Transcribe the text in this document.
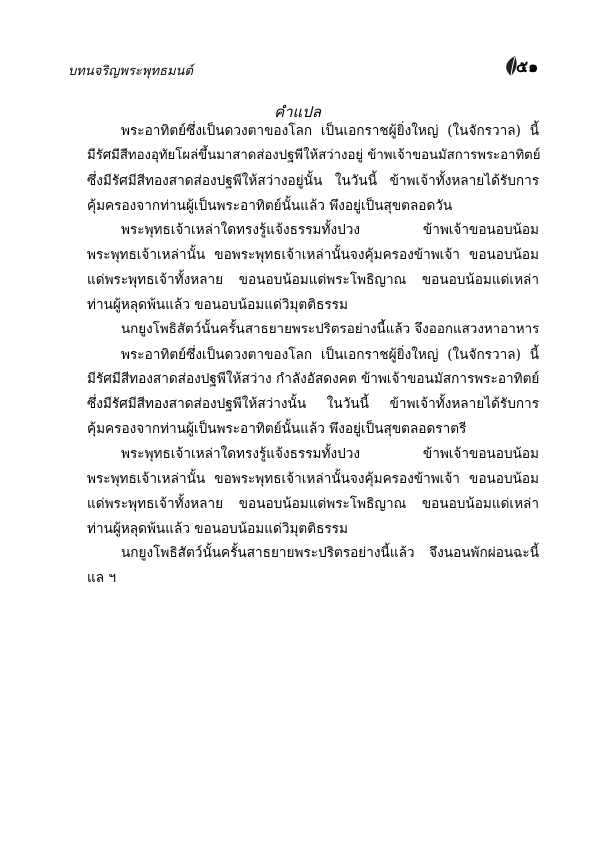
บทนจริญพระพุทธมนต์	๕๑
คำแปล
พระอาทิตย์ซึ่งเป็นดวงตาของโลก เป็นเอกราชผู้ยิ่งใหญ่ (ในจักรวาล) นี้
มีรัศมีสีทองอุทัยโผล่ขึ้นมาสาดส่องปฐพีให้สว่างอยู่ ข้าพเจ้าขอนมัสการพระอาทิตย์
ซึ่งมีรัศมีสีทองสาดส่องปฐพีให้สว่างอยู่นั้น ในวันนี้ ข้าพเจ้าทั้งหลายได้รับการ
คุ้มครองจากท่านผู้เป็นพระอาทิตย์นั้นแล้ว พึงอยู่เป็นสุขตลอดวัน
พระพุทธเจ้าเหล่าใดทรงรู้แจ้งธรรมทั้งปวง ข้าพเจ้าขอนอบน้อม
พระพุทธเจ้าเหล่านั้น ขอพระพุทธเจ้าเหล่านั้นจงคุ้มครองข้าพเจ้า ขอนอบน้อม
แด่พระพุทธเจ้าทั้งหลาย ขอนอบน้อมแด่พระโพธิญาณ ขอนอบน้อมแด่เหล่า
ท่านผู้หลุดพ้นแล้ว ขอนอบน้อมแด่วิมุตติธรรม
นกยูงโพธิสัตว์นั้นครั้นสาธยายพระปริตรอย่างนี้แล้ว จึงออกแสวงหาอาหาร
พระอาทิตย์ซึ่งเป็นดวงตาของโลก เป็นเอกราชผู้ยิ่งใหญ่ (ในจักรวาล) นี้
มีรัศมีสีทองสาดส่องปฐพีให้สว่าง กำลังอัสดงคต ข้าพเจ้าขอนมัสการพระอาทิตย์
ซึ่งมีรัศมีสีทองสาดส่องปฐพีให้สว่างนั้น ในวันนี้ ข้าพเจ้าทั้งหลายได้รับการ
คุ้มครองจากท่านผู้เป็นพระอาทิตย์นั้นแล้ว พึงอยู่เป็นสุขตลอดราตรี
พระพุทธเจ้าเหล่าใดทรงรู้แจ้งธรรมทั้งปวง ข้าพเจ้าขอนอบน้อม
พระพุทธเจ้าเหล่านั้น ขอพระพุทธเจ้าเหล่านั้นจงคุ้มครองข้าพเจ้า ขอนอบน้อม
แด่พระพุทธเจ้าทั้งหลาย ขอนอบน้อมแด่พระโพธิญาณ ขอนอบน้อมแด่เหล่า
ท่านผู้หลุดพ้นแล้ว ขอนอบน้อมแด่วิมุตติธรรม
นกยูงโพธิสัตว์นั้นครั้นสาธยายพระปริตรอย่างนี้แล้ว จึงนอนพักผ่อนฉะนี้
แล ฯ
